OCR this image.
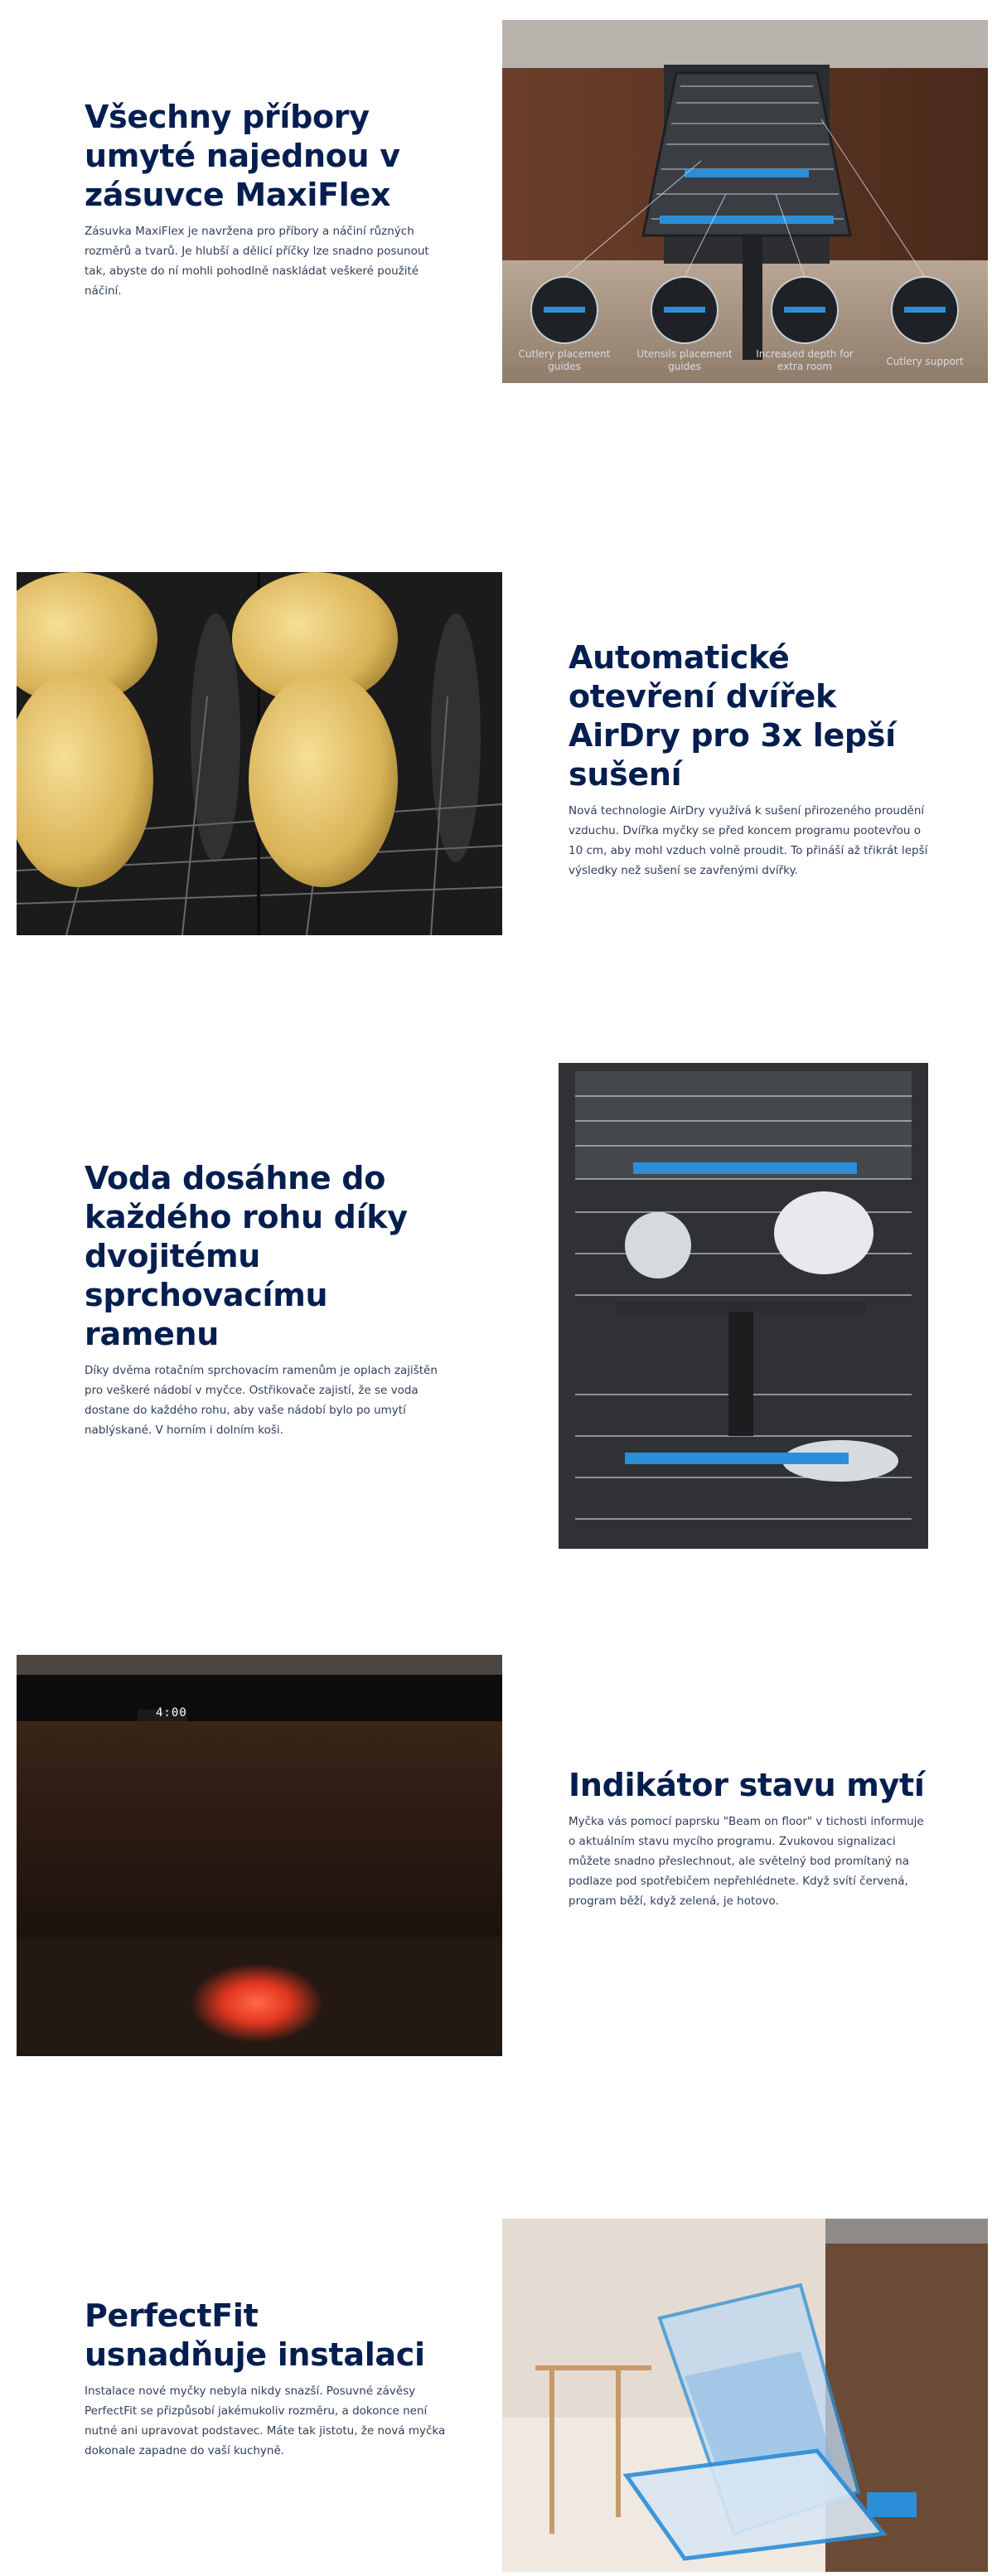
Všechny příbory umyté najednou v zásuvce MaxiFlex

Zásuvka MaxiFlex je navržena pro příbory a náčiní různých rozměrů a tvarů. Je hlubší a dělicí příčky lze snadno posunout tak, abyste do ní mohli pohodlně naskládat veškeré použité náčiní.

Cutlery placement guides
Utensils placement guides
Increased depth for extra room	Cutlery support
Automatické otevření dvířek AirDry pro 3x lepší sušení

Nová technologie AirDry využívá k sušení přirozeného proudění vzduchu. Dvířka myčky se před koncem programu pootevřou o 10 cm, aby mohl vzduch volně proudit. To přináší až třikrát lepší výsledky než sušení se zavřenými dvířky.

Voda dosáhne do každého rohu díky dvojitému sprchovacímu ramenu

Díky dvěma rotačním sprchovacím ramenům je oplach zajištěn pro veškeré nádobí v myčce. Ostřikovače zajistí, že se voda dostane do každého rohu, aby vaše nádobí bylo po umytí nablýskané. V horním i dolním koši.

4:00
Indikátor stavu mytí

Myčka vás pomocí paprsku "Beam on floor" v tichosti informuje o aktuálním stavu mycího programu. Zvukovou signalizaci můžete snadno přeslechnout, ale světelný bod promítaný na podlaze pod spotřebičem nepřehlédnete. Když svítí červená, program běží, když zelená, je hotovo.

PerfectFit usnadňuje instalaci

Instalace nové myčky nebyla nikdy snazší. Posuvné závěsy PerfectFit se přizpůsobí jakémukoliv rozměru, a dokonce není nutné ani upravovat podstavec. Máte tak jistotu, že nová myčka dokonale zapadne do vaší kuchyně.
